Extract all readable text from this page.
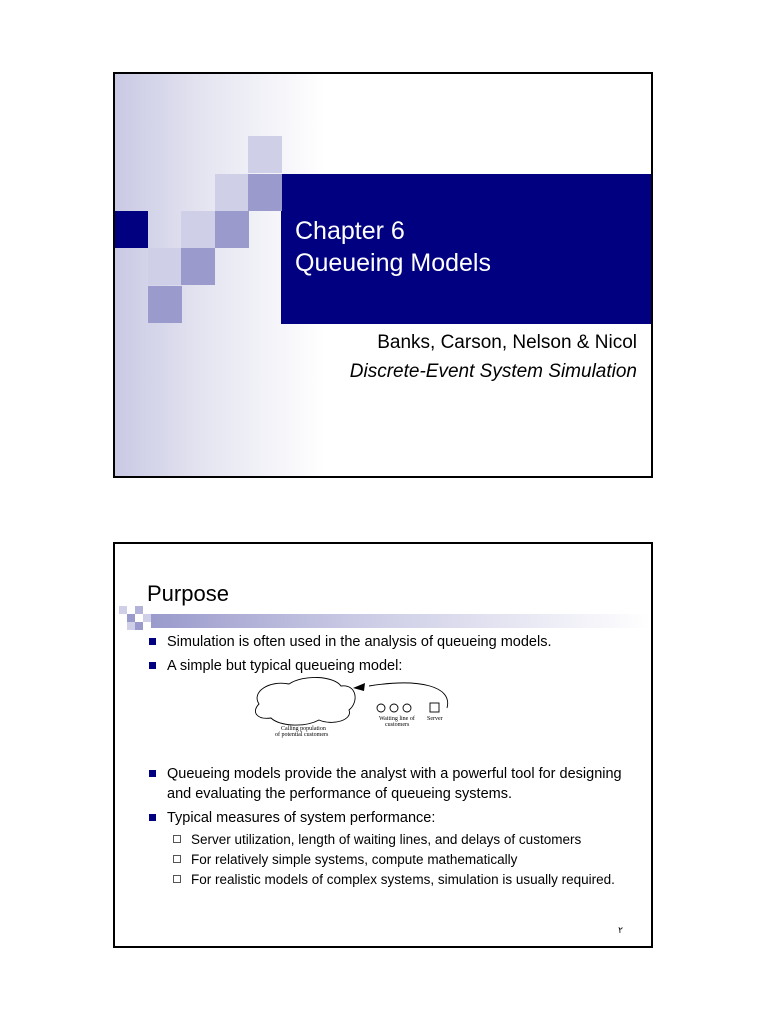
Chapter 6
Queueing Models
Banks, Carson, Nelson & Nicol
Discrete-Event System Simulation
Purpose
Simulation is often used in the analysis of queueing models.
A simple but typical queueing model:
Queueing models provide the analyst with a powerful tool for designing and evaluating the performance of queueing systems.
Typical measures of system performance:
Server utilization, length of waiting lines, and delays of customers
For relatively simple systems, compute mathematically
For realistic models of complex systems, simulation is usually required.
Calling population
of potential customers
Waiting line of
customers
Server
۲
